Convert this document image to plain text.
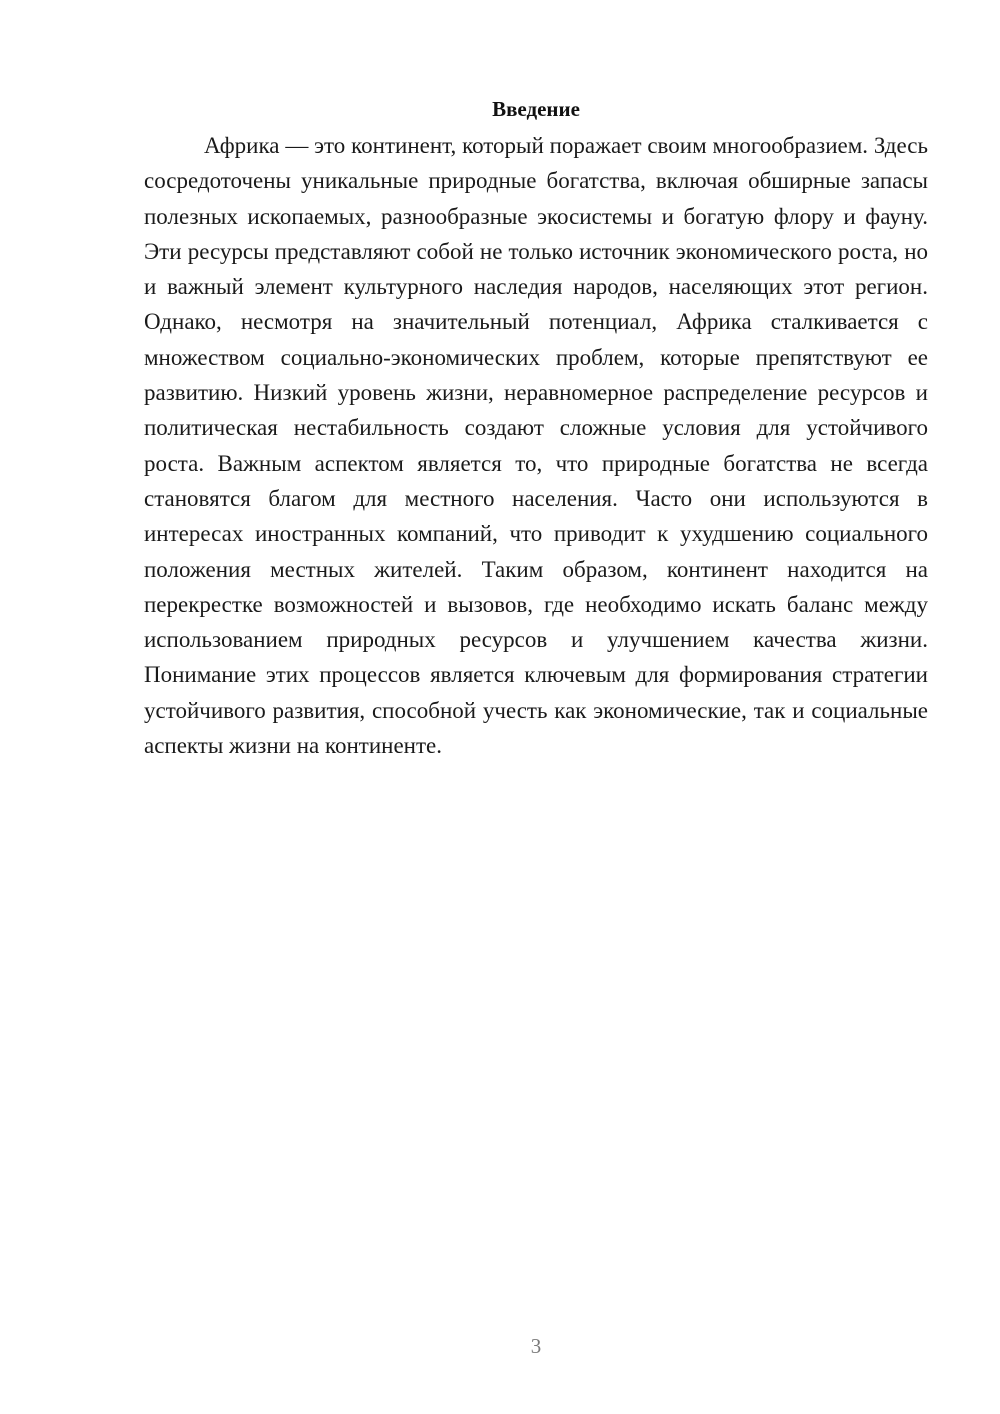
Введение

Африка — это континент, который поражает своим многообразием. Здесь сосредоточены уникальные природные богатства, включая обширные запасы полезных ископаемых, разнообразные экосистемы и богатую флору и фауну. Эти ресурсы представляют собой не только источник экономического роста, но и важный элемент культурного наследия народов, населяющих этот регион. Однако, несмотря на значительный потенциал, Африка сталкивается с множеством социально-экономических проблем, которые препятствуют ее развитию. Низкий уровень жизни, неравномерное распределение ресурсов и политическая нестабильность создают сложные условия для устойчивого роста. Важным аспектом является то, что природные богатства не всегда становятся благом для местного населения. Часто они используются в интересах иностранных компаний, что приводит к ухудшению социального положения местных жителей. Таким образом, континент находится на перекрестке возможностей и вызовов, где необходимо искать баланс между использованием природных ресурсов и улучшением качества жизни. Понимание этих процессов является ключевым для формирования стратегии устойчивого развития, способной учесть как экономические, так и социальные аспекты жизни на континенте.

3
